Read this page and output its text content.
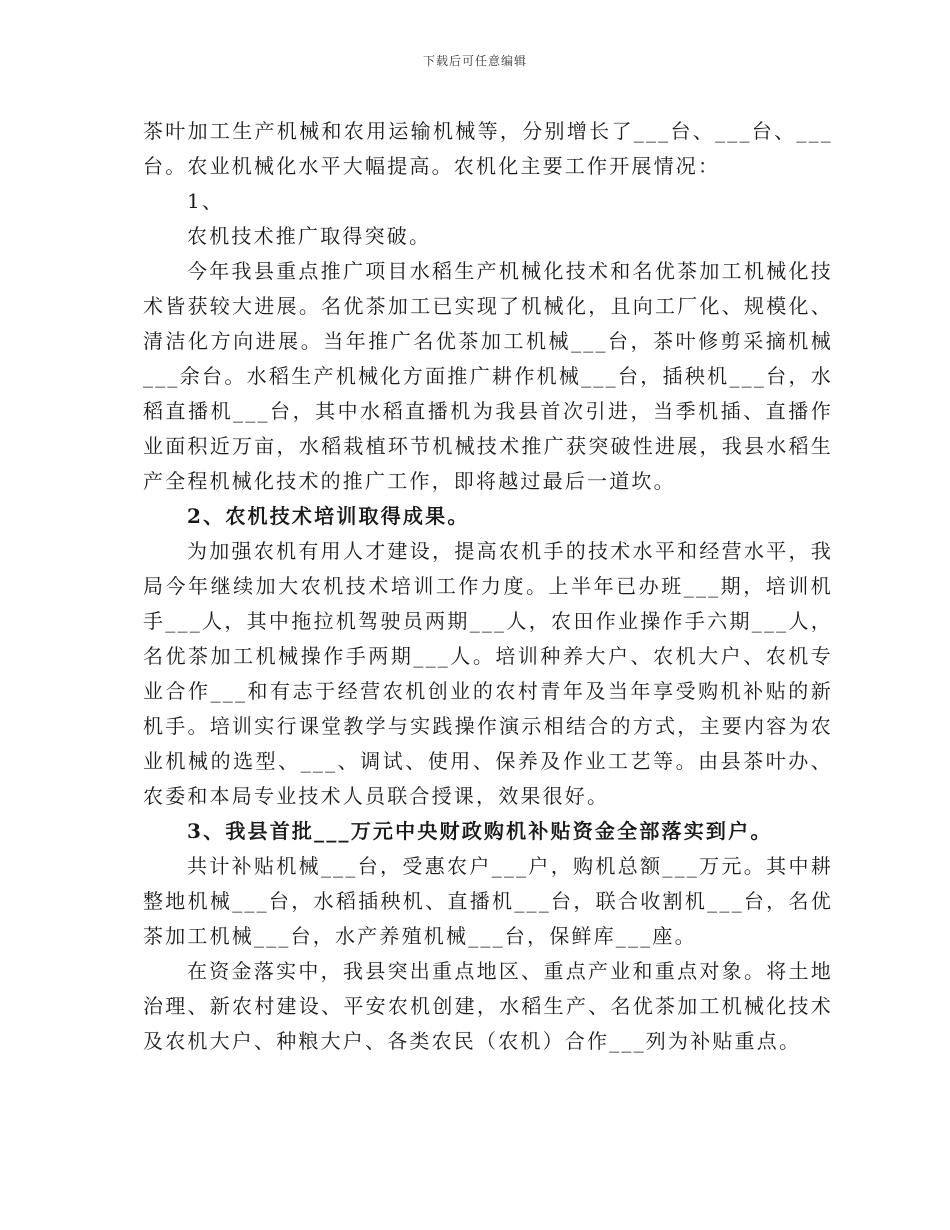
下载后可任意编辑

茶叶加工生产机械和农用运输机械等，分别增长了___台、___台、___台。农业机械化水平大幅提高。农机化主要工作开展情况：

1、

农机技术推广取得突破。

今年我县重点推广项目水稻生产机械化技术和名优茶加工机械化技术皆获较大进展。名优茶加工已实现了机械化，且向工厂化、规模化、清洁化方向进展。当年推广名优茶加工机械___台，茶叶修剪采摘机械___余台。水稻生产机械化方面推广耕作机械___台，插秧机___台，水稻直播机___台，其中水稻直播机为我县首次引进，当季机插、直播作业面积近万亩，水稻栽植环节机械技术推广获突破性进展，我县水稻生产全程机械化技术的推广工作，即将越过最后一道坎。

2、农机技术培训取得成果。

为加强农机有用人才建设，提高农机手的技术水平和经营水平，我局今年继续加大农机技术培训工作力度。上半年已办班___期，培训机手___人，其中拖拉机驾驶员两期___人，农田作业操作手六期___人，名优茶加工机械操作手两期___人。培训种养大户、农机大户、农机专业合作___和有志于经营农机创业的农村青年及当年享受购机补贴的新机手。培训实行课堂教学与实践操作演示相结合的方式，主要内容为农业机械的选型、___、调试、使用、保养及作业工艺等。由县茶叶办、农委和本局专业技术人员联合授课，效果很好。

3、我县首批___万元中央财政购机补贴资金全部落实到户。

共计补贴机械___台，受惠农户___户，购机总额___万元。其中耕整地机械___台，水稻插秧机、直播机___台，联合收割机___台，名优茶加工机械___台，水产养殖机械___台，保鲜库___座。

在资金落实中，我县突出重点地区、重点产业和重点对象。将土地治理、新农村建设、平安农机创建，水稻生产、名优茶加工机械化技术及农机大户、种粮大户、各类农民（农机）合作___列为补贴重点。
